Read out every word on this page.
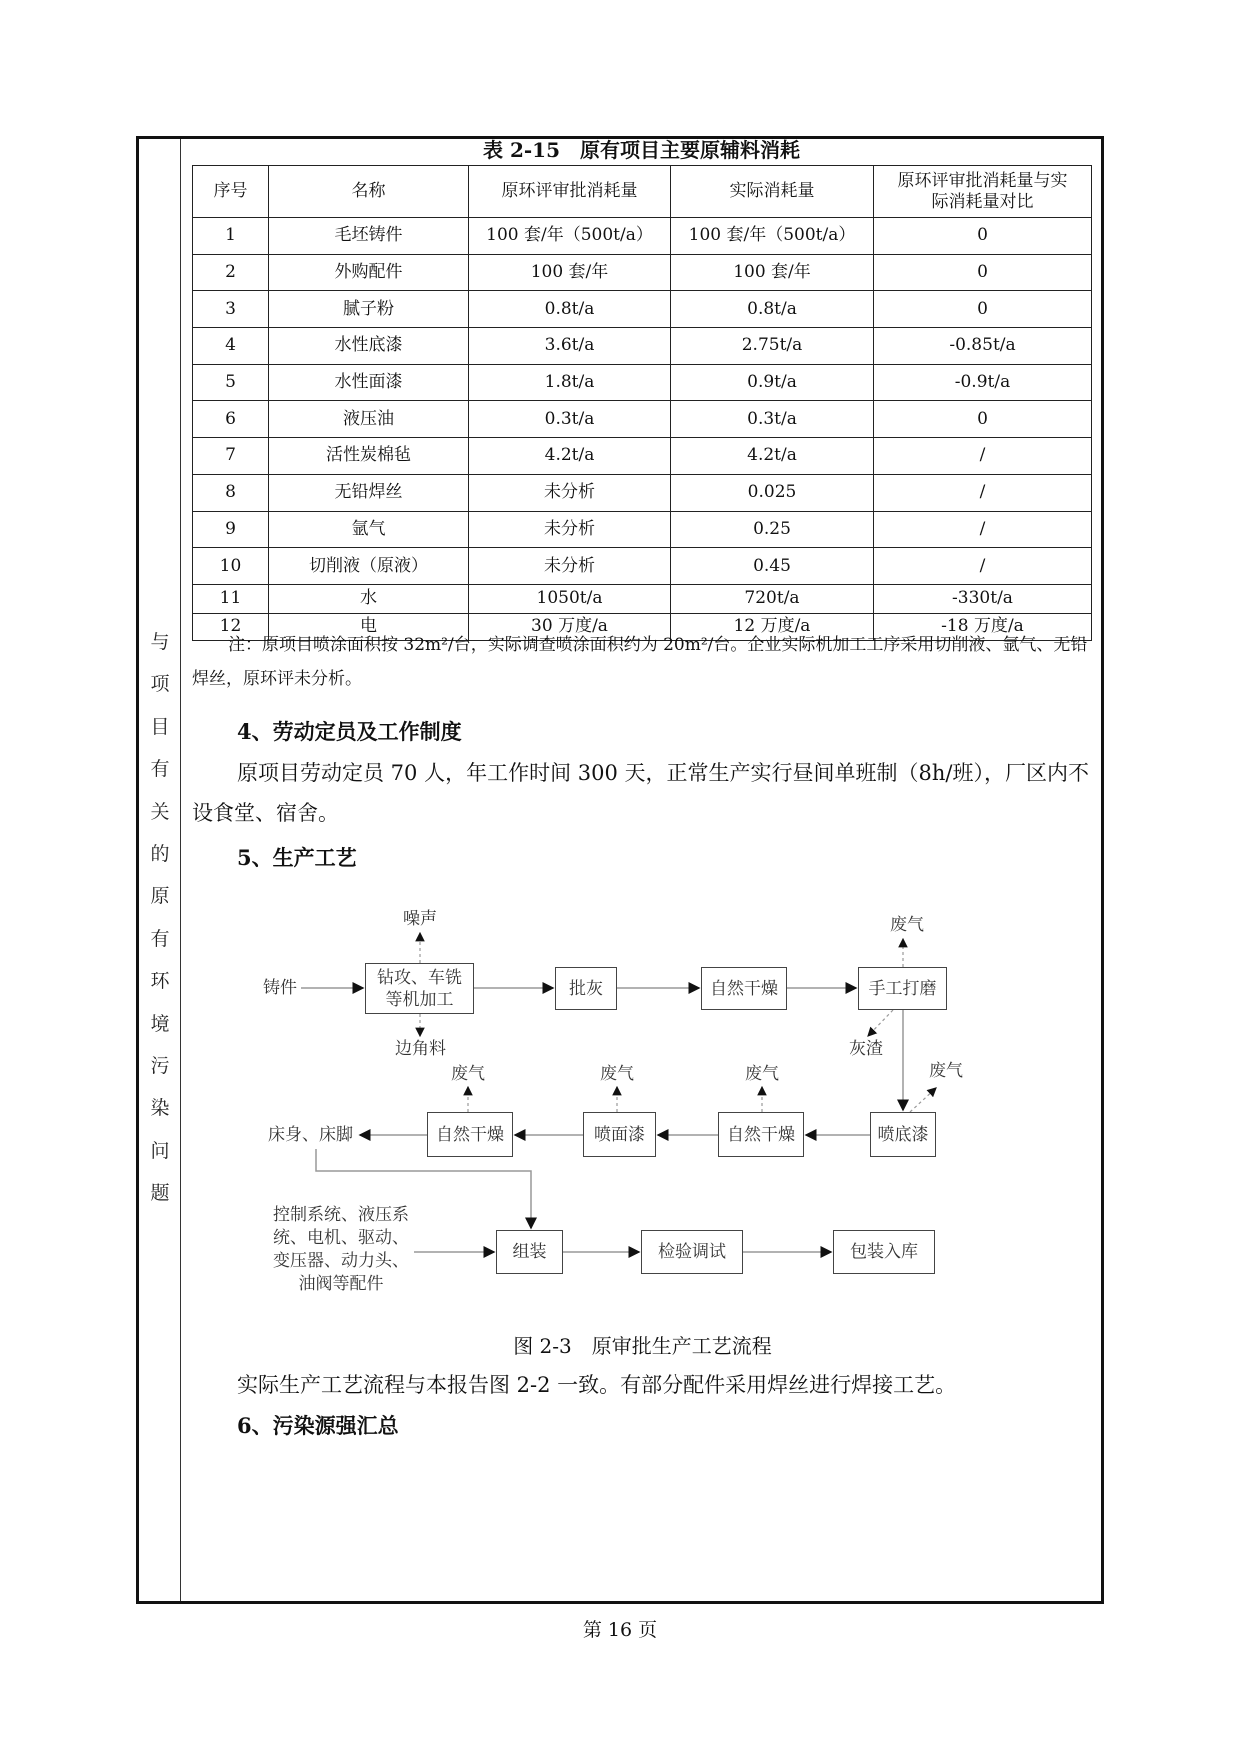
与
项
目
有
关
的
原
有
环
境
污
染
问
题
表 2-15　原有项目主要原辅料消耗
序号	名称	原环评审批消耗量	实际消耗量	原环评审批消耗量与实际消耗量对比
1	毛坯铸件	100 套/年（500t/a）	100 套/年（500t/a）	0
2	外购配件	100 套/年	100 套/年	0
3	腻子粉	0.8t/a	0.8t/a	0
4	水性底漆	3.6t/a	2.75t/a	-0.85t/a
5	水性面漆	1.8t/a	0.9t/a	-0.9t/a
6	液压油	0.3t/a	0.3t/a	0
7	活性炭棉毡	4.2t/a	4.2t/a	/
8	无铅焊丝	未分析	0.025	/
9	氩气	未分析	0.25	/
10	切削液（原液）	未分析	0.45	/
11	水	1050t/a	720t/a	-330t/a
12	电	30 万度/a	12 万度/a	-18 万度/a
注：原项目喷涂面积按 32m²/台，实际调查喷涂面积约为 20m²/台。企业实际机加工工序采用切削液、氩气、无铅焊丝，原环评未分析。
4、劳动定员及工作制度
原项目劳动定员 70 人，年工作时间 300 天，正常生产实行昼间单班制（8h/班），厂区内不设食堂、宿舍。
5、生产工艺
铸件
钻攻、车铣等机加工
噪声
边角料
批灰	自然干燥	手工打磨
废气
灰渣
喷底漆
废气
自然干燥
废气
喷面漆
废气
自然干燥
废气
床身、床脚
控制系统、液压系统、电机、驱动、变压器、动力头、油阀等配件
组装	检验调试	包装入库
图 2-3　原审批生产工艺流程
实际生产工艺流程与本报告图 2-2 一致。有部分配件采用焊丝进行焊接工艺。
6、污染源强汇总
第 16 页
